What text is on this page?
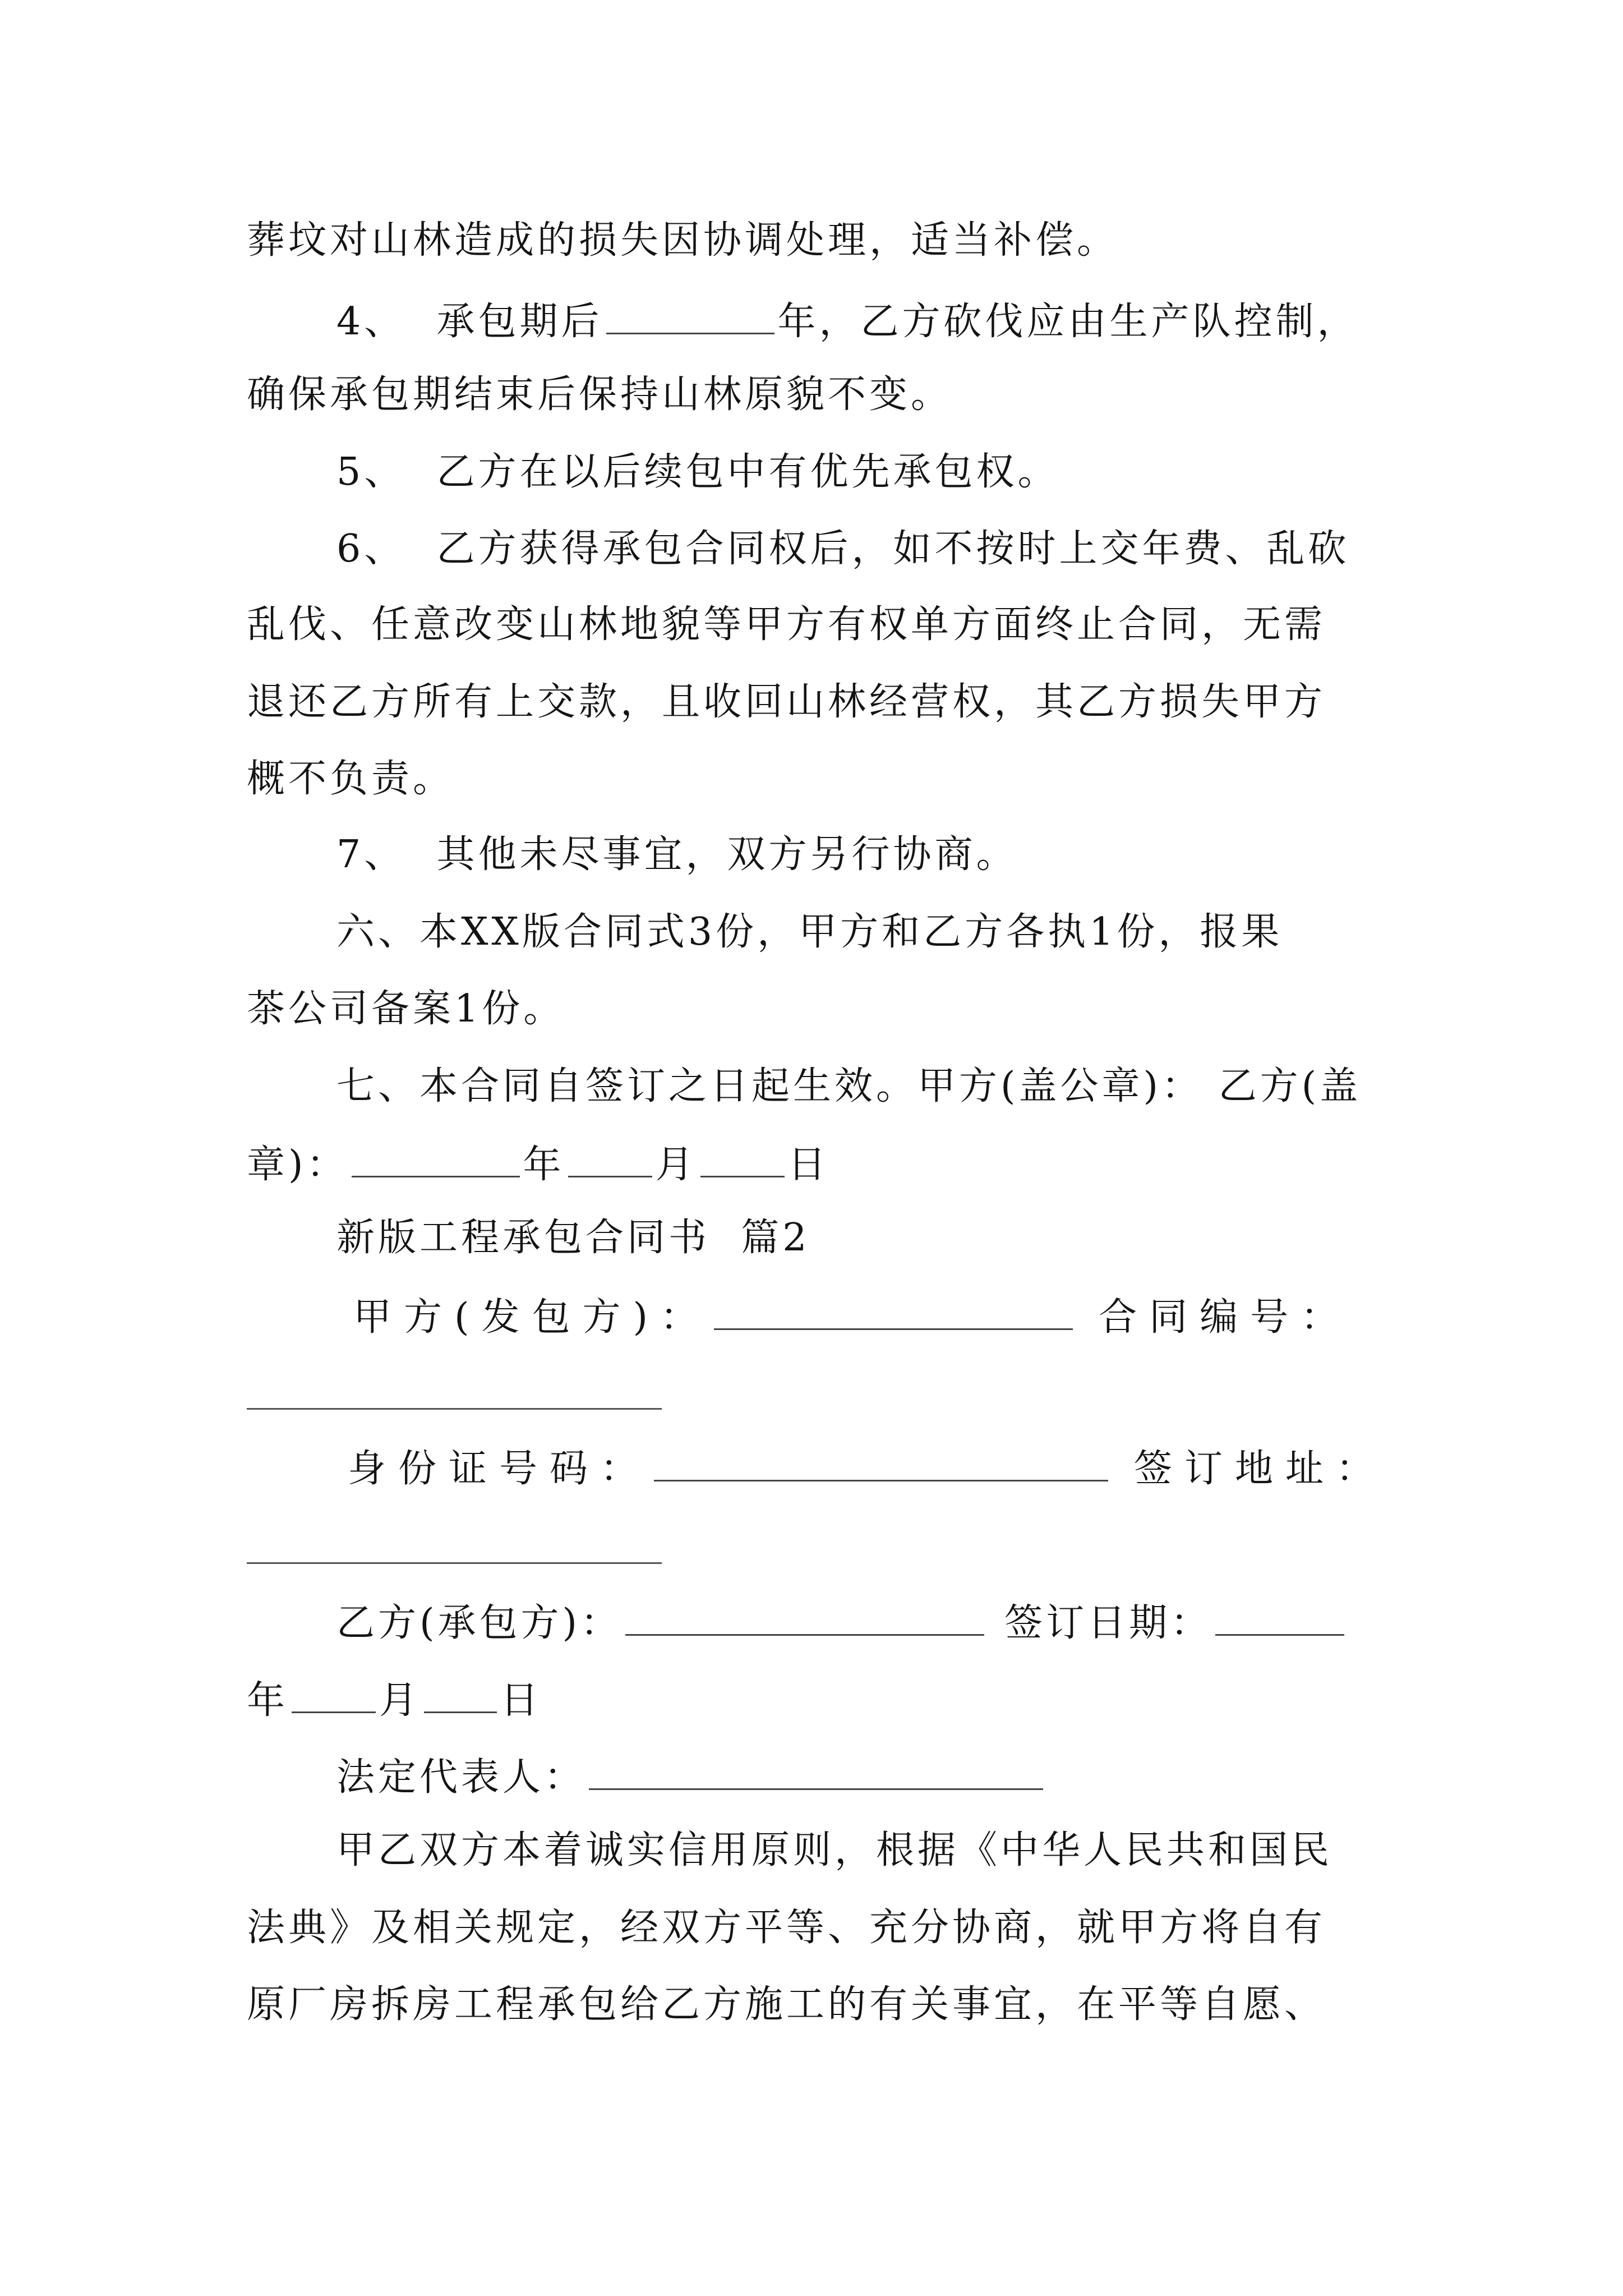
葬坟对山林造成的损失因协调处理，适当补偿。
4、  承包期后	年，乙方砍伐应由生产队控制，
确保承包期结束后保持山林原貌不变。
5、  乙方在以后续包中有优先承包权。
6、  乙方获得承包合同权后，如不按时上交年费、乱砍
乱伐、任意改变山林地貌等甲方有权单方面终止合同，无需
退还乙方所有上交款，且收回山林经营权，其乙方损失甲方
概不负责。
7、  其他未尽事宜，双方另行协商。
六、本XX版合同式3份，甲方和乙方各执1份，报果
茶公司备案1份。
七、本合同自签订之日起生效。甲方(盖公章)： 乙方(盖
章)：	年 月 日
新版工程承包合同书  篇2
甲方(发包方)：	合同编号：
身份证号码：	签订地址：
乙方(承包方)：	签订日期：
年 月 日
法定代表人：
甲乙双方本着诚实信用原则，根据《中华人民共和国民
法典》及相关规定，经双方平等、充分协商，就甲方将自有
原厂房拆房工程承包给乙方施工的有关事宜，在平等自愿、
